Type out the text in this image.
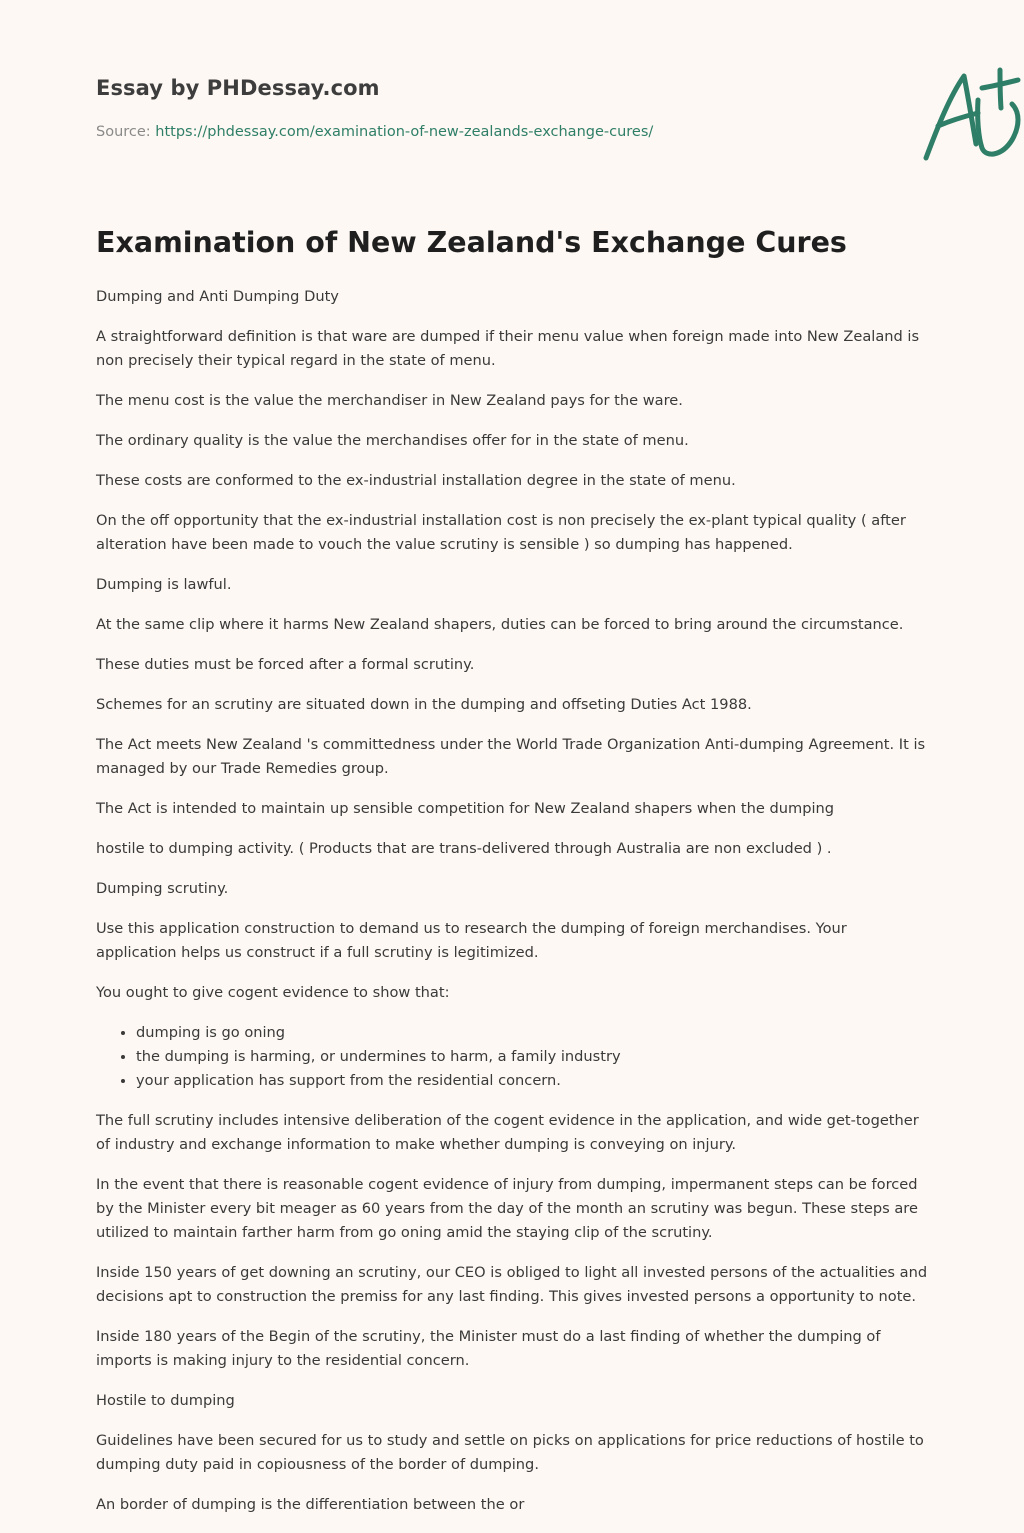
Essay by PHDessay.com
Source: https://phdessay.com/examination-of-new-zealands-exchange-cures/
Examination of New Zealand's Exchange Cures

Dumping and Anti Dumping Duty

A straightforward definition is that ware are dumped if their menu value when foreign made into New Zealand is non precisely their typical regard in the state of menu.

The menu cost is the value the merchandiser in New Zealand pays for the ware.

The ordinary quality is the value the merchandises offer for in the state of menu.

These costs are conformed to the ex-industrial installation degree in the state of menu.

On the off opportunity that the ex-industrial installation cost is non precisely the ex-plant typical quality ( after alteration have been made to vouch the value scrutiny is sensible ) so dumping has happened.

Dumping is lawful.

At the same clip where it harms New Zealand shapers, duties can be forced to bring around the circumstance.

These duties must be forced after a formal scrutiny.

Schemes for an scrutiny are situated down in the dumping and offseting Duties Act 1988.

The Act meets New Zealand 's committedness under the World Trade Organization Anti-dumping Agreement. It is managed by our Trade Remedies group.

The Act is intended to maintain up sensible competition for New Zealand shapers when the dumping

hostile to dumping activity. ( Products that are trans-delivered through Australia are non excluded ) .

Dumping scrutiny.

Use this application construction to demand us to research the dumping of foreign merchandises. Your application helps us construct if a full scrutiny is legitimized.

You ought to give cogent evidence to show that:

• dumping is go oning
• the dumping is harming, or undermines to harm, a family industry
• your application has support from the residential concern.

The full scrutiny includes intensive deliberation of the cogent evidence in the application, and wide get-together of industry and exchange information to make whether dumping is conveying on injury.

In the event that there is reasonable cogent evidence of injury from dumping, impermanent steps can be forced by the Minister every bit meager as 60 years from the day of the month an scrutiny was begun. These steps are utilized to maintain farther harm from go oning amid the staying clip of the scrutiny.

Inside 150 years of get downing an scrutiny, our CEO is obliged to light all invested persons of the actualities and decisions apt to construction the premiss for any last finding. This gives invested persons a opportunity to note.

Inside 180 years of the Begin of the scrutiny, the Minister must do a last finding of whether the dumping of imports is making injury to the residential concern.

Hostile to dumping

Guidelines have been secured for us to study and settle on picks on applications for price reductions of hostile to dumping duty paid in copiousness of the border of dumping.

An border of dumping is the differentiation between the or
